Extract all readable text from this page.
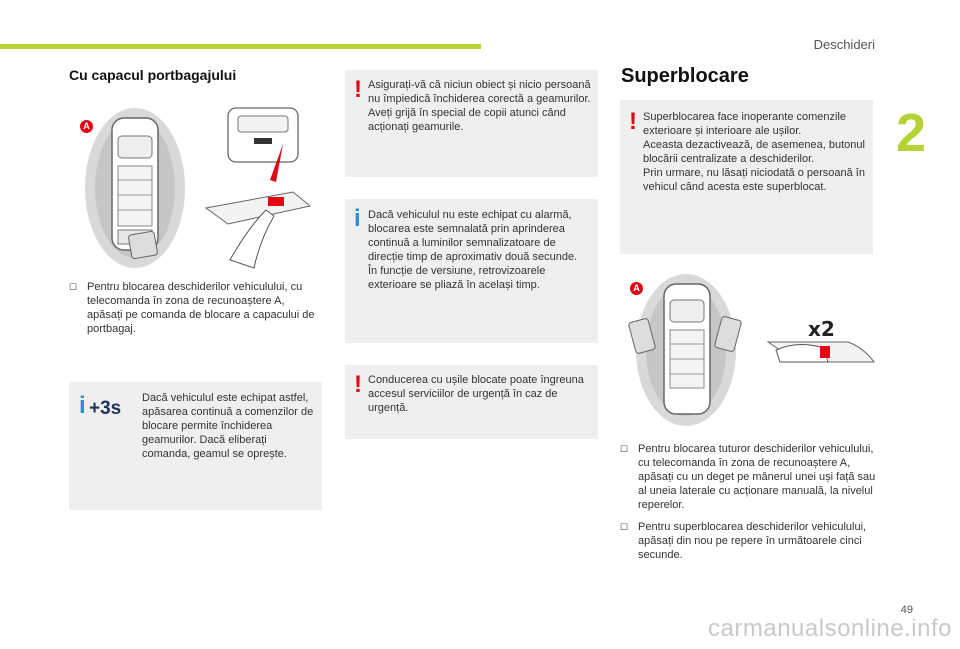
Deschideri
2
Cu capacul portbagajului
A
☐ Pentru blocarea deschiderilor vehiculului, cu telecomanda în zona de recunoaștere A, apăsați pe comanda de blocare a capacului de portbagaj.
i +3s Dacă vehiculul este echipat astfel, apăsarea continuă a comenzilor de blocare permite închiderea geamurilor. Dacă eliberați comanda, geamul se oprește.
! Asigurați-vă că niciun obiect și nicio persoană nu împiedică închiderea corectă a geamurilor.
Aveți grijă în special de copii atunci când acționați geamurile.
i Dacă vehiculul nu este echipat cu alarmă, blocarea este semnalată prin aprinderea continuă a luminilor semnalizatoare de direcție timp de aproximativ două secunde.
În funcție de versiune, retrovizoarele exterioare se pliază în același timp.
! Conducerea cu ușile blocate poate îngreuna accesul serviciilor de urgență în caz de urgență.
Superblocare
! Superblocarea face inoperante comenzile exterioare și interioare ale ușilor.
Aceasta dezactivează, de asemenea, butonul blocării centralizate a deschiderilor.
Prin urmare, nu lăsați niciodată o persoană în vehicul când acesta este superblocat.
A
x2
☐ Pentru blocarea tuturor deschiderilor vehiculului, cu telecomanda în zona de recunoaștere A, apăsați cu un deget pe mânerul unei uși față sau al uneia laterale cu acționare manuală, la nivelul reperelor.
☐ Pentru superblocarea deschiderilor vehiculului, apăsați din nou pe repere în următoarele cinci secunde.
49
carmanualsonline.info
